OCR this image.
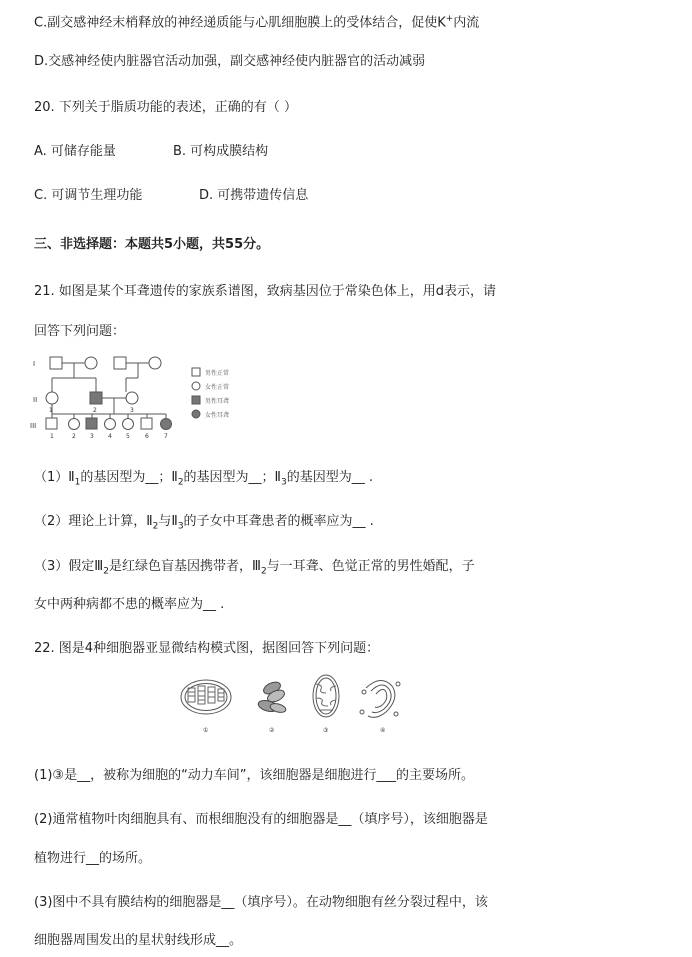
C.副交感神经末梢释放的神经递质能与心肌细胞膜上的受体结合，促使K+内流
D.交感神经使内脏器官活动加强，副交感神经使内脏器官的活动减弱
20. 下列关于脂质功能的表述，正确的有（ ）
A. 可储存能量	B. 可构成膜结构
C. 可调节生理功能	D. 可携带遗传信息
三、非选择题：本题共5小题，共55分。
21. 如图是某个耳聋遗传的家族系谱图，致病基因位于常染色体上，用d表示，请
回答下列问题：
I
II
1	2	3
III
1	2 3 4 5	6	7
男性正常
女性正常
男性耳聋
女性耳聋
$(1)Ⅱ_1$的基因型为__；$Ⅱ_2$的基因型为__；$Ⅱ_3$的基因型为__ .
（2）理论上计算，$Ⅱ_2$与$Ⅱ_3$的子女中耳聋患者的概率应为__ .
（3）假定$Ⅲ_2$是红绿色盲基因携带者，$Ⅲ_2$与一耳聋、色觉正常的男性婚配，子
女中两种病都不患的概率应为__ .
22. 图是4种细胞器亚显微结构模式图，据图回答下列问题：
①	②	③	④
(1)③是__，被称为细胞的“动力车间”，该细胞器是细胞进行___的主要场所。
(2)通常植物叶肉细胞具有、而根细胞没有的细胞器是__（填序号），该细胞器是
植物进行__的场所。
(3)图中不具有膜结构的细胞器是__（填序号）。在动物细胞有丝分裂过程中，该
细胞器周围发出的星状射线形成__。
